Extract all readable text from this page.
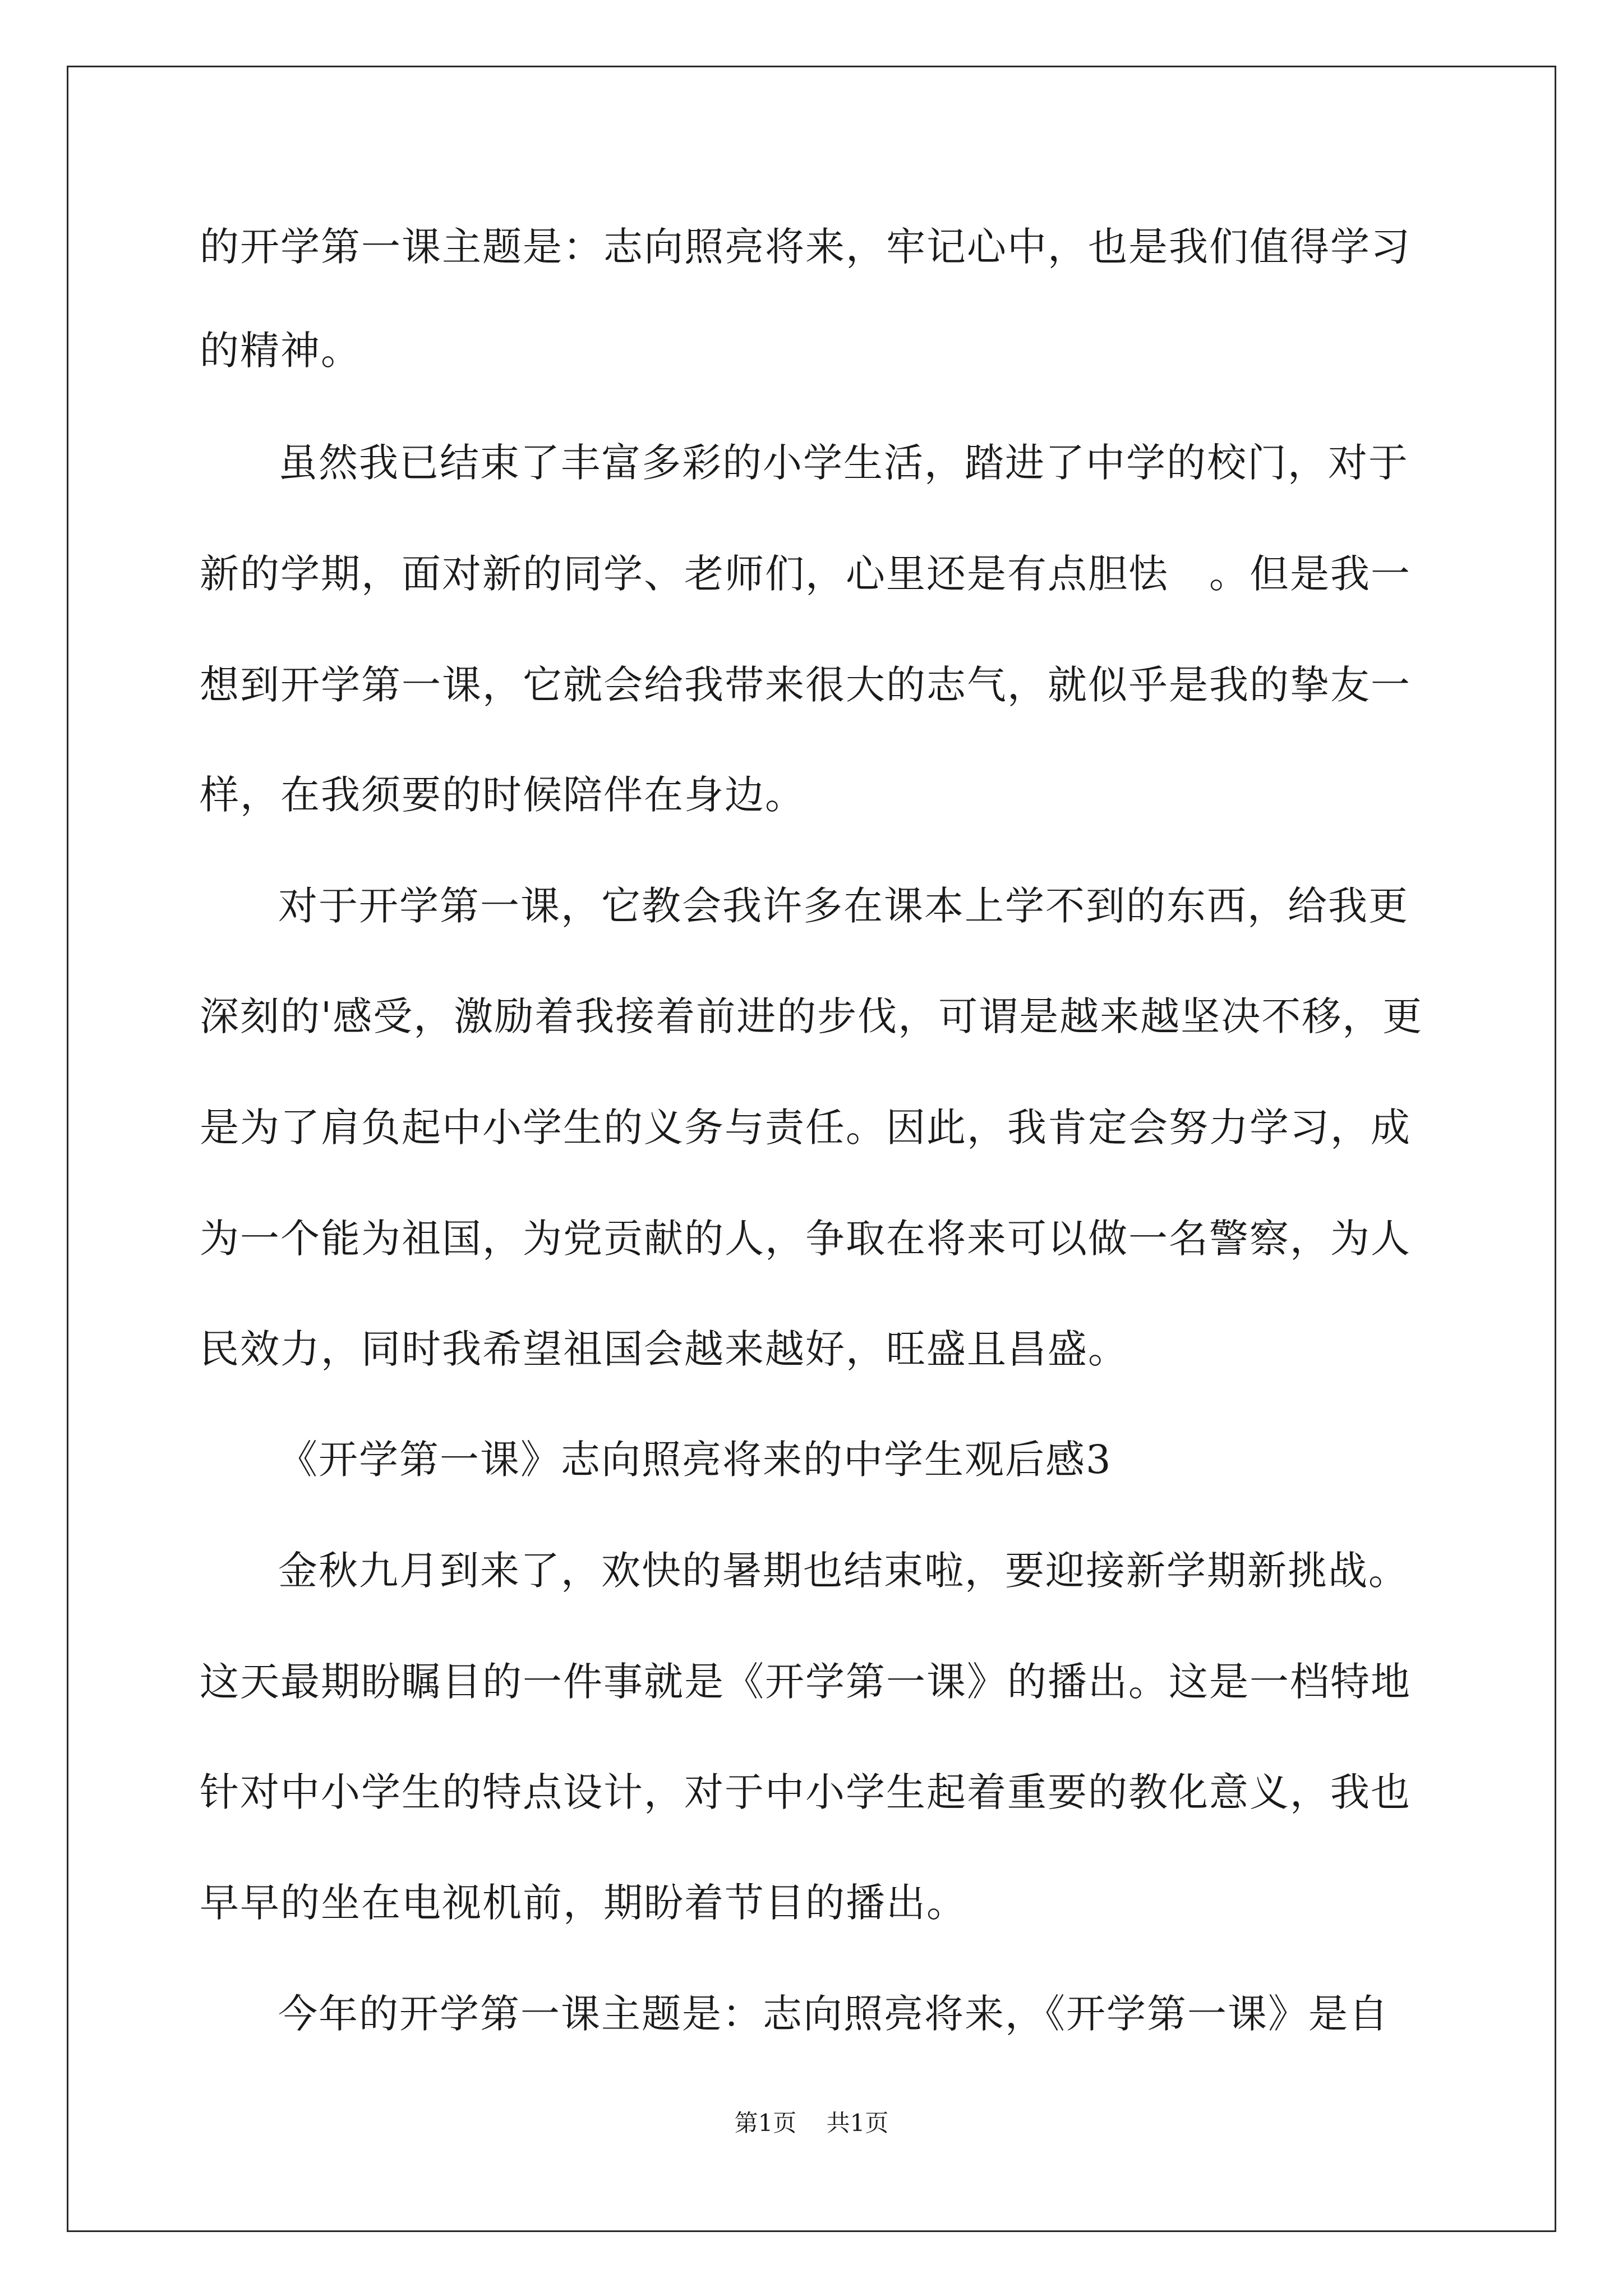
的开学第一课主题是：志向照亮将来，牢记心中，也是我们值得学习
的精神。
虽然我已结束了丰富多彩的小学生活，踏进了中学的校门，对于
新的学期，面对新的同学、老师们，心里还是有点胆怯　。但是我一
想到开学第一课，它就会给我带来很大的志气，就似乎是我的挚友一
样，在我须要的时候陪伴在身边。
对于开学第一课，它教会我许多在课本上学不到的东西，给我更
深刻的'感受，激励着我接着前进的步伐，可谓是越来越坚决不移，更
是为了肩负起中小学生的义务与责任。因此，我肯定会努力学习，成
为一个能为祖国，为党贡献的人，争取在将来可以做一名警察，为人
民效力，同时我希望祖国会越来越好，旺盛且昌盛。
《开学第一课》志向照亮将来的中学生观后感3
金秋九月到来了，欢快的暑期也结束啦，要迎接新学期新挑战。
这天最期盼瞩目的一件事就是《开学第一课》的播出。这是一档特地
针对中小学生的特点设计，对于中小学生起着重要的教化意义，我也
早早的坐在电视机前，期盼着节目的播出。
今年的开学第一课主题是：志向照亮将来，《开学第一课》是自
第1页 共1页
